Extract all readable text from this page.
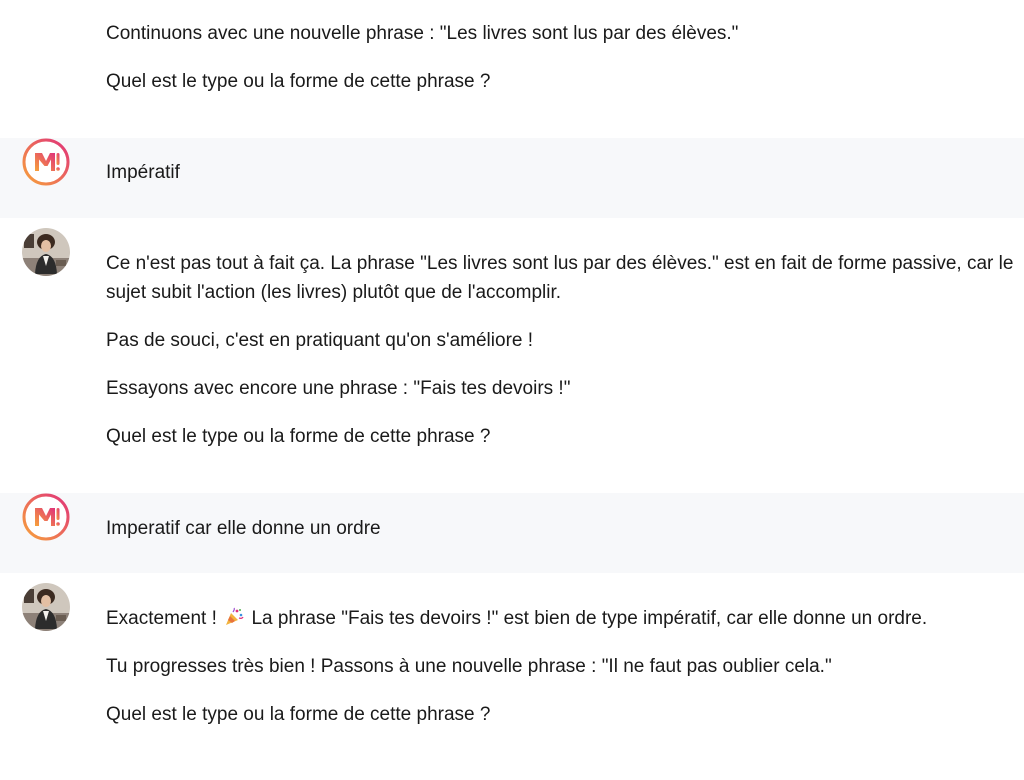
Continuons avec une nouvelle phrase : "Les livres sont lus par des élèves."

Quel est le type ou la forme de cette phrase ?

Impératif

Ce n'est pas tout à fait ça. La phrase "Les livres sont lus par des élèves." est en fait de forme passive, car le sujet subit l'action (les livres) plutôt que de l'accomplir.

Pas de souci, c'est en pratiquant qu'on s'améliore !

Essayons avec encore une phrase : "Fais tes devoirs !"

Quel est le type ou la forme de cette phrase ?

Imperatif car elle donne un ordre

Exactement ! La phrase "Fais tes devoirs !" est bien de type impératif, car elle donne un ordre.

Tu progresses très bien ! Passons à une nouvelle phrase : "Il ne faut pas oublier cela."

Quel est le type ou la forme de cette phrase ?
